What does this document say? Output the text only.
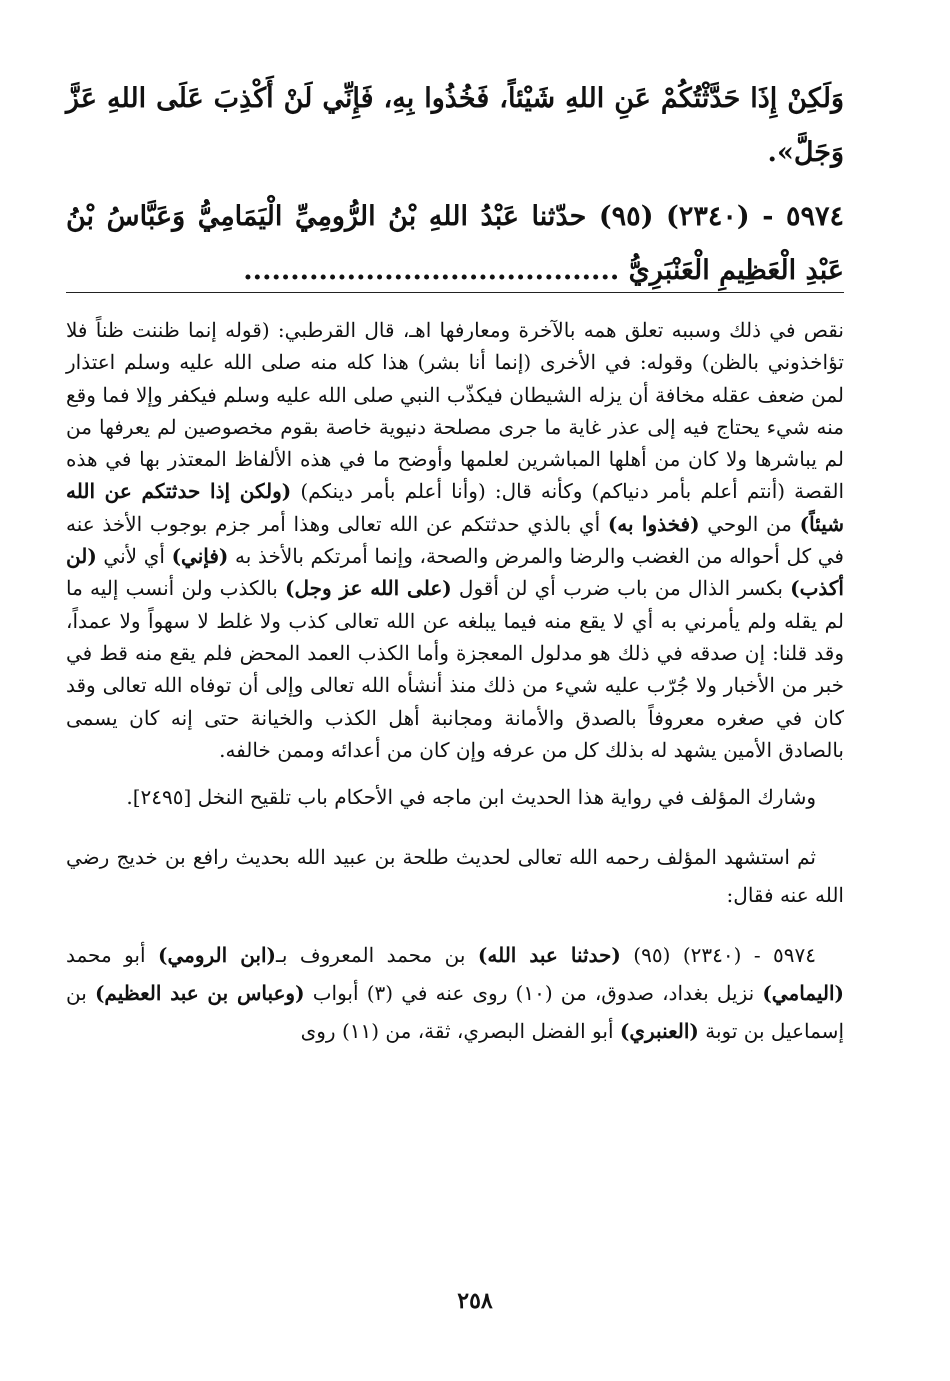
وَلَكِنْ إِذَا حَدَّثْتُكُمْ عَنِ اللهِ شَيْئاً، فَخُذُوا بِهِ، فَإِنِّي لَنْ أَكْذِبَ عَلَى اللهِ عَزَّ وَجَلَّ».

٥٩٧٤ - (٢٣٤٠) (٩٥) حدّثنا عَبْدُ اللهِ بْنُ الرُّومِيِّ الْيَمَامِيُّ وَعَبَّاسُ بْنُ عَبْدِ الْعَظِيمِ الْعَنْبَرِيُّ ........................................

نقص في ذلك وسببه تعلق همه بالآخرة ومعارفها اهـ، قال القرطبي: (قوله إنما ظننت ظناً فلا تؤاخذوني بالظن) وقوله: في الأخرى (إنما أنا بشر) هذا كله منه صلى الله عليه وسلم اعتذار لمن ضعف عقله مخافة أن يزله الشيطان فيكذّب النبي صلى الله عليه وسلم فيكفر وإلا فما وقع منه شيء يحتاج فيه إلى عذر غاية ما جرى مصلحة دنيوية خاصة بقوم مخصوصين لم يعرفها من لم يباشرها ولا كان من أهلها المباشرين لعلمها وأوضح ما في هذه الألفاظ المعتذر بها في هذه القصة (أنتم أعلم بأمر دنياكم) وكأنه قال: (وأنا أعلم بأمر دينكم) (ولكن إذا حدثتكم عن الله شيئاً) من الوحي (فخذوا به) أي بالذي حدثتكم عن الله تعالى وهذا أمر جزم بوجوب الأخذ عنه في كل أحواله من الغضب والرضا والمرض والصحة، وإنما أمرتكم بالأخذ به (فإني) أي لأني (لن أكذب) بكسر الذال من باب ضرب أي لن أقول (على الله عز وجل) بالكذب ولن أنسب إليه ما لم يقله ولم يأمرني به أي لا يقع منه فيما يبلغه عن الله تعالى كذب ولا غلط لا سهواً ولا عمداً، وقد قلنا: إن صدقه في ذلك هو مدلول المعجزة وأما الكذب العمد المحض فلم يقع منه قط في خبر من الأخبار ولا جُرّب عليه شيء من ذلك منذ أنشأه الله تعالى وإلى أن توفاه الله تعالى وقد كان في صغره معروفاً بالصدق والأمانة ومجانبة أهل الكذب والخيانة حتى إنه كان يسمى بالصادق الأمين يشهد له بذلك كل من عرفه وإن كان من أعدائه وممن خالفه.

وشارك المؤلف في رواية هذا الحديث ابن ماجه في الأحكام باب تلقيح النخل [٢٤٩٥].

ثم استشهد المؤلف رحمه الله تعالى لحديث طلحة بن عبيد الله بحديث رافع بن خديج رضي الله عنه فقال:

٥٩٧٤ - (٢٣٤٠) (٩٥) (حدثنا عبد الله) بن محمد المعروف بـ(ابن الرومي) أبو محمد (اليمامي) نزيل بغداد، صدوق، من (١٠) روى عنه في (٣) أبواب (وعباس بن عبد العظيم) بن إسماعيل بن توبة (العنبري) أبو الفضل البصري، ثقة، من (١١) روى

٢٥٨
